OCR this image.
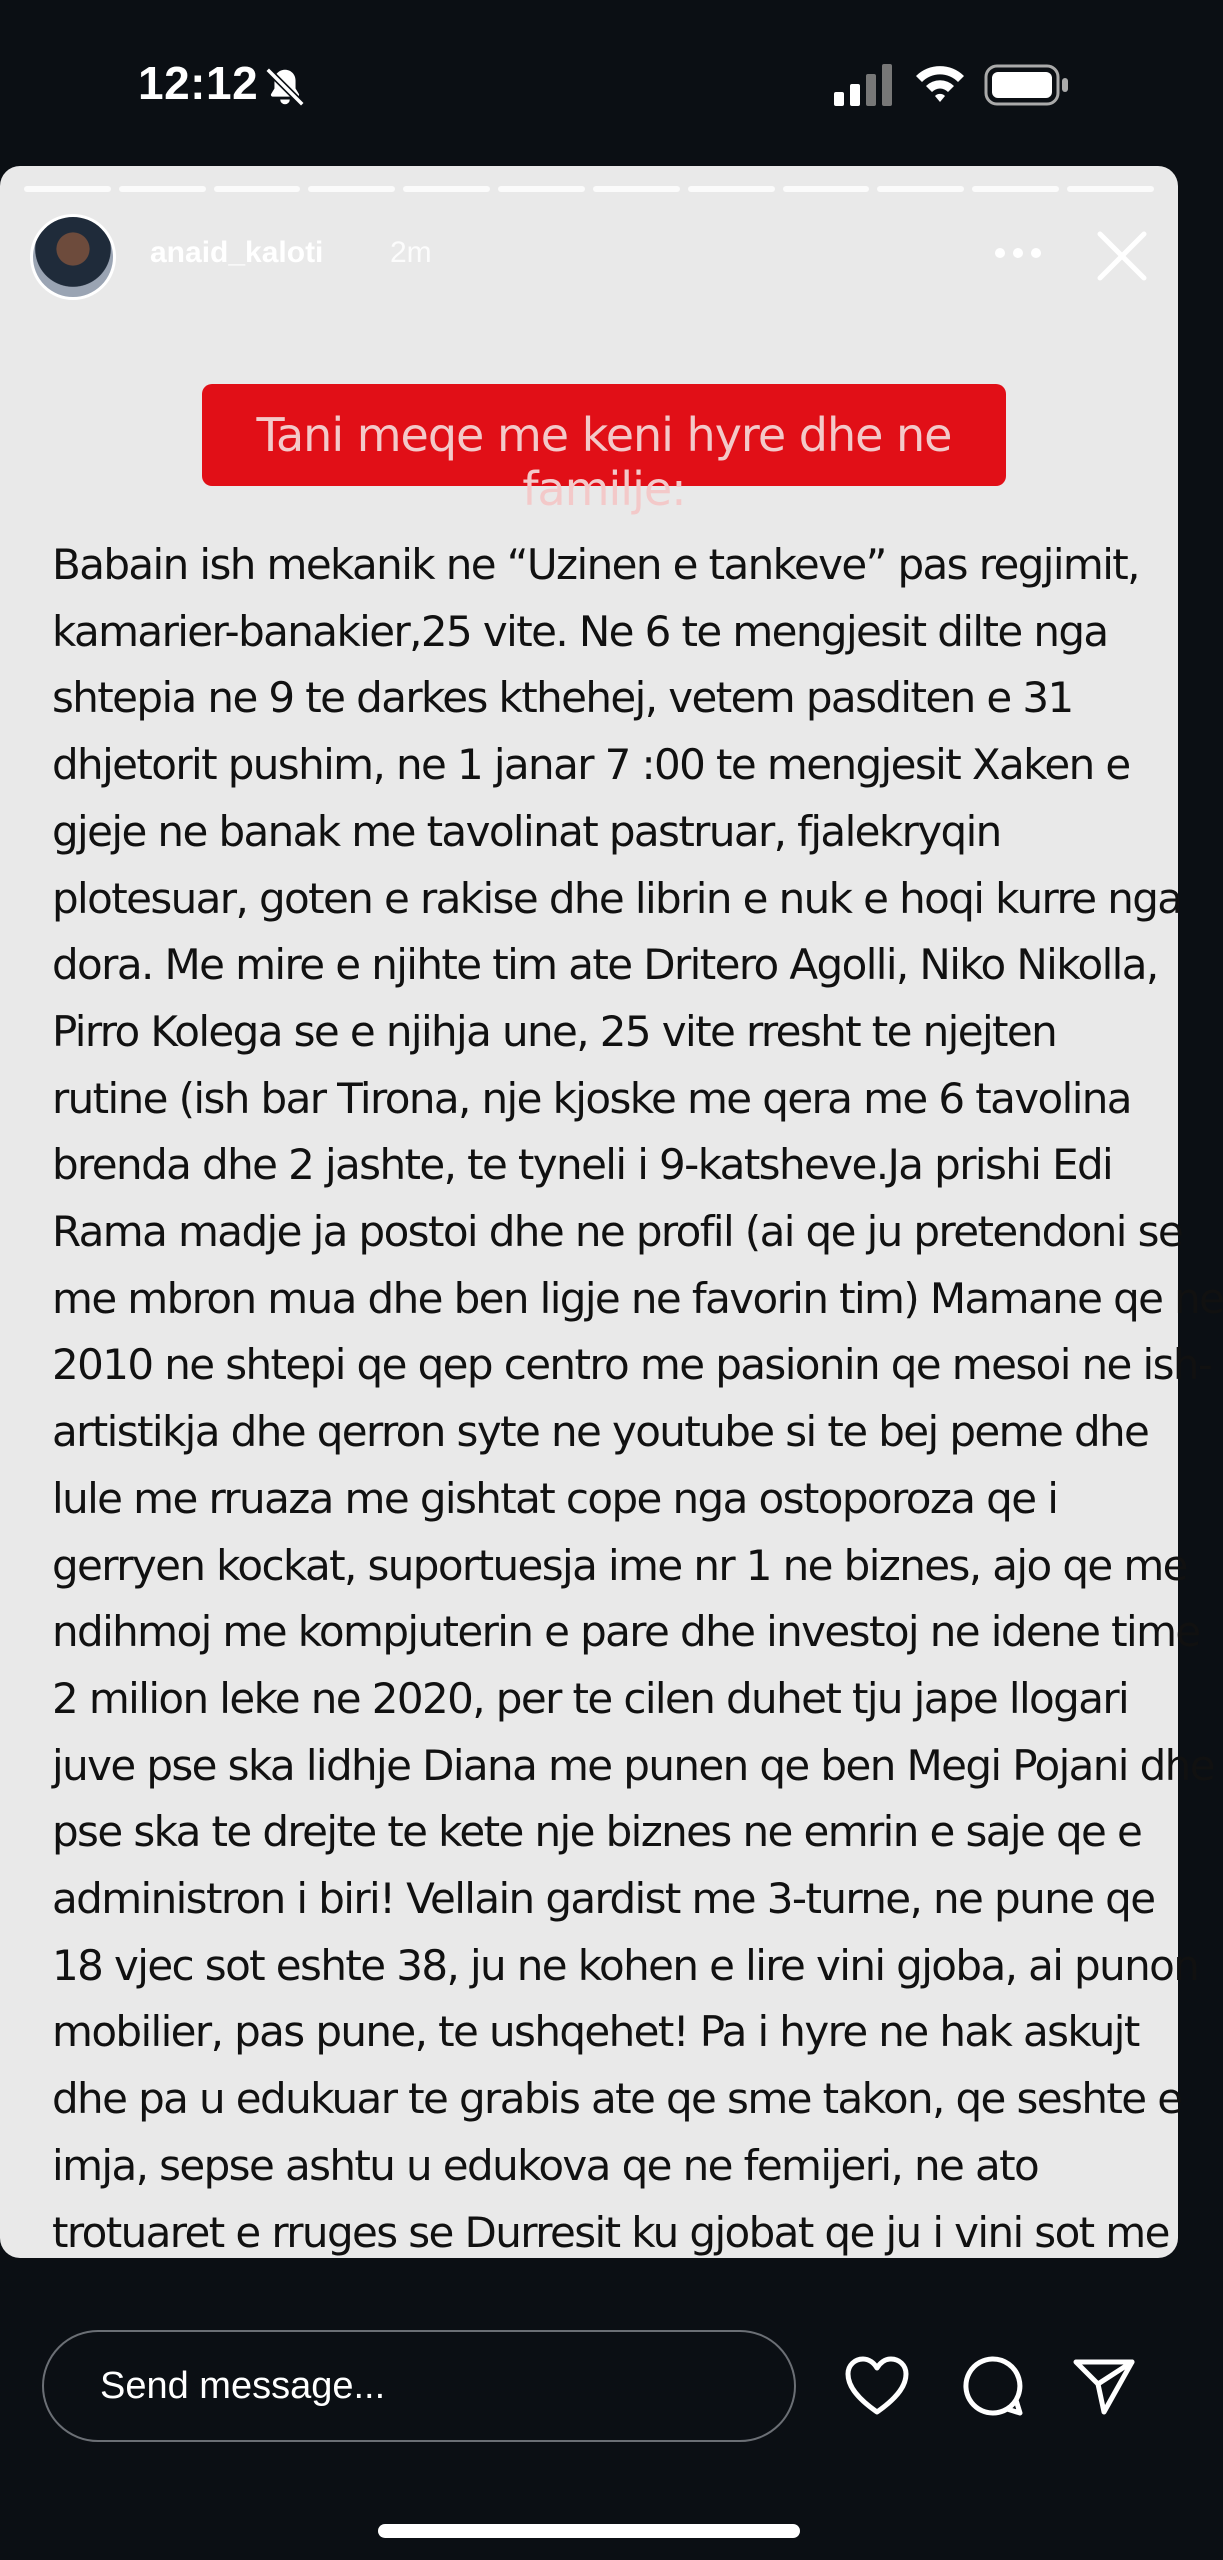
12:12
Tani meqe me keni hyre dhe ne familje:
anaid_kaloti 2m
Babain ish mekanik ne “Uzinen e tankeve” pas regjimit,
kamarier-banakier,25 vite. Ne 6 te mengjesit dilte nga
shtepia ne 9 te darkes kthehej, vetem pasditen e 31
dhjetorit pushim, ne 1 janar 7 :00 te mengjesit Xaken e
gjeje ne banak me tavolinat pastruar, fjalekryqin
plotesuar, goten e rakise dhe librin e nuk e hoqi kurre nga
dora. Me mire e njihte tim ate Dritero Agolli, Niko Nikolla,
Pirro Kolega se e njihja une, 25 vite rresht te njejten
rutine (ish bar Tirona, nje kjoske me qera me 6 tavolina
brenda dhe 2 jashte, te tyneli i 9-katsheve.Ja prishi Edi
Rama madje ja postoi dhe ne profil (ai qe ju pretendoni se
me mbron mua dhe ben ligje ne favorin tim) Mamane qe ne
2010 ne shtepi qe qep centro me pasionin qe mesoi ne ish-
artistikja dhe qerron syte ne youtube si te bej peme dhe
lule me rruaza me gishtat cope nga ostoporoza qe i
gerryen kockat, suportuesja ime nr 1 ne biznes, ajo qe me
ndihmoj me kompjuterin e pare dhe investoj ne idene time
2 milion leke ne 2020, per te cilen duhet tju jape llogari
juve pse ska lidhje Diana me punen qe ben Megi Pojani dhe
pse ska te drejte te kete nje biznes ne emrin e saje qe e
administron i biri! Vellain gardist me 3-turne, ne pune qe
18 vjec sot eshte 38, ju ne kohen e lire vini gjoba, ai punon
mobilier, pas pune, te ushqehet! Pa i hyre ne hak askujt
dhe pa u edukuar te grabis ate qe sme takon, qe seshte e
imja, sepse ashtu u edukova qe ne femijeri, ne ato
trotuaret e rruges se Durresit ku gjobat qe ju i vini sot me
Send message...
